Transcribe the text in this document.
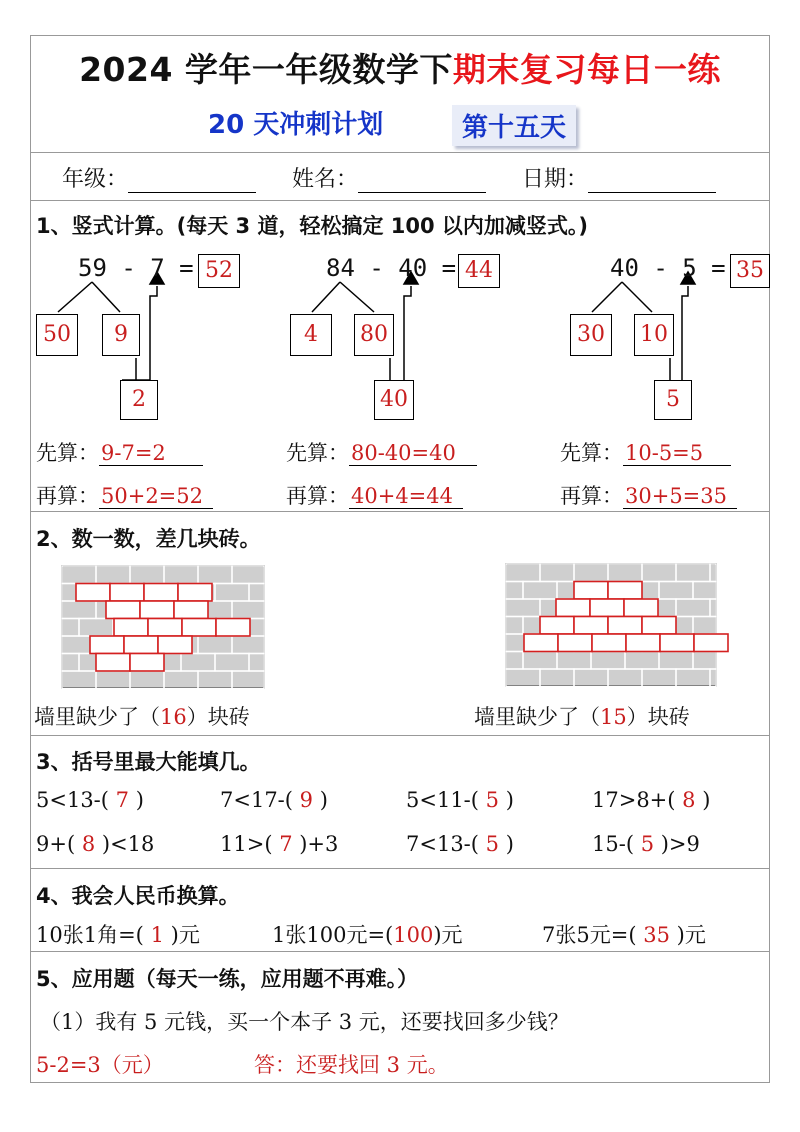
2024 学年一年级数学下期末复习每日一练
20 天冲刺计划	第十五天
年级：	姓名：	日期：
1、竖式计算。(每天 3 道，轻松搞定 100 以内加减竖式。)
59 - 7 = 52
50	9
2
84 - 40 = 44
4	80
40
40 - 5 = 35
30	10
5
先算：9-7=2
再算：50+2=52
先算：80-40=40
再算：40+4=44
先算：10-5=5
再算：30+5=35
2、数一数，差几块砖。
墙里缺少了（16）块砖	墙里缺少了（15）块砖
3、括号里最大能填几。
5<13-( 7 )	7<17-( 9 )	5<11-( 5 )	17>8+( 8 )
9+( 8 )<18	11>( 7 )+3	7<13-( 5 )	15-( 5 )>9
4、我会人民币换算。
10张1角=( 1 )元	1张100元=(100)元	7张5元=( 35 )元
5、应用题（每天一练，应用题不再难。）
（1）我有 5 元钱，买一个本子 3 元，还要找回多少钱？
5-2=3（元）	答：还要找回 3 元。
